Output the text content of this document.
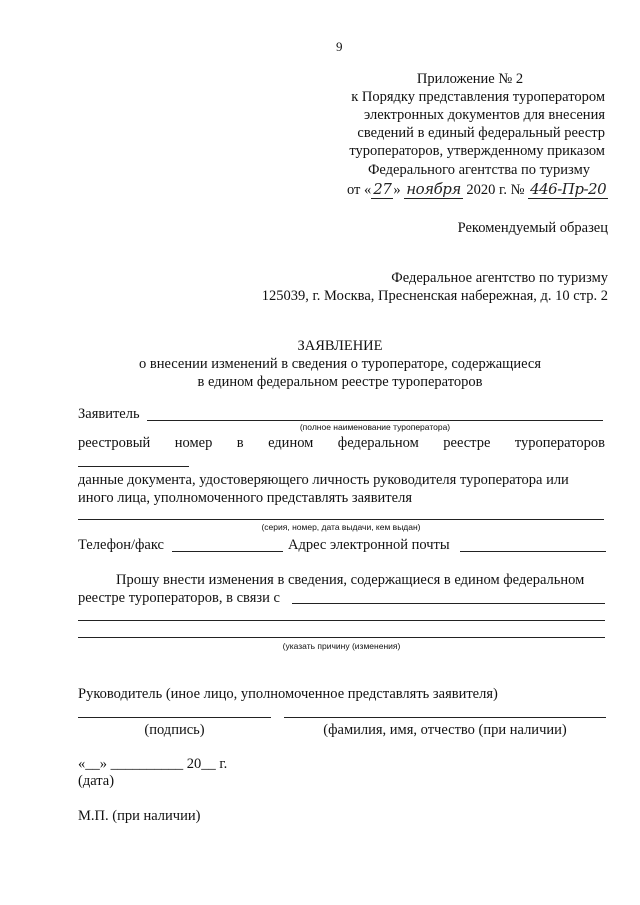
9
Приложение № 2
к Порядку представления туроператором
электронных документов для внесения
сведений в единый федеральный реестр
туроператоров, утвержденному приказом
Федерального агентства по туризму
от « 27 » ноября 2020 г. № 446-Пр-20
Рекомендуемый образец
Федеральное агентство по туризму
125039, г. Москва, Пресненская набережная, д. 10 стр. 2
ЗАЯВЛЕНИЕ
о внесении изменений в сведения о туроператоре, содержащиеся
в едином федеральном реестре туроператоров
Заявитель
(полное наименование туроператора)
реестровый номер в едином федеральном реестре туроператоров
данные документа, удостоверяющего личность руководителя туроператора или
иного лица, уполномоченного представлять заявителя
(серия, номер, дата выдачи, кем выдан)
Телефон/факс	Адрес электронной почты
Прошу внести изменения в сведения, содержащиеся в едином федеральном
реестре туроператоров, в связи с
(указать причину (изменения)
Руководитель (иное лицо, уполномоченное представлять заявителя)
(подпись)	(фамилия, имя, отчество (при наличии)
«__» __________ 20__ г.
(дата)
М.П. (при наличии)
